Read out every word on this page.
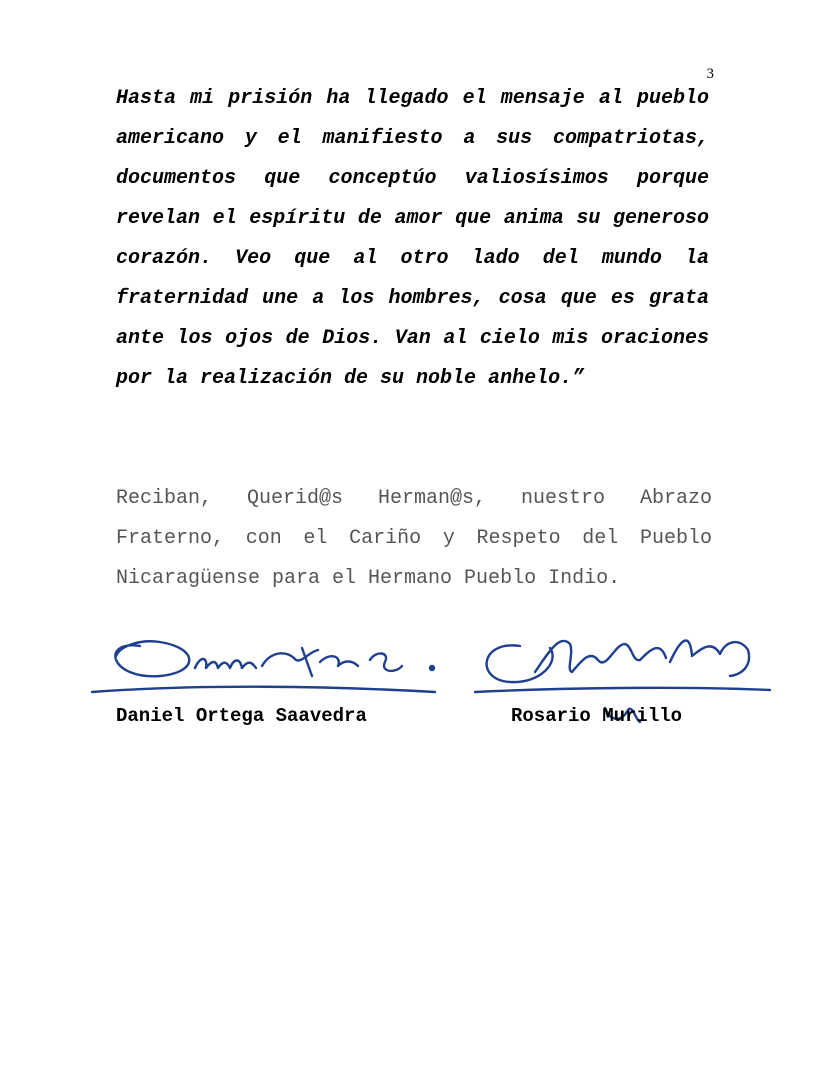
3

Hasta mi prisión ha llegado el mensaje al pueblo americano y el manifiesto a sus compatriotas, documentos que conceptúo valiosísimos porque revelan el espíritu de amor que anima su generoso corazón. Veo que al otro lado del mundo la fraternidad une a los hombres, cosa que es grata ante los ojos de Dios. Van al cielo mis oraciones por la realización de su noble anhelo.”

Reciban, Querid@s Herman@s, nuestro Abrazo Fraterno, con el Cariño y Respeto del Pueblo Nicaragüense para el Hermano Pueblo Indio.

Daniel Ortega Saavedra	Rosario Murillo
